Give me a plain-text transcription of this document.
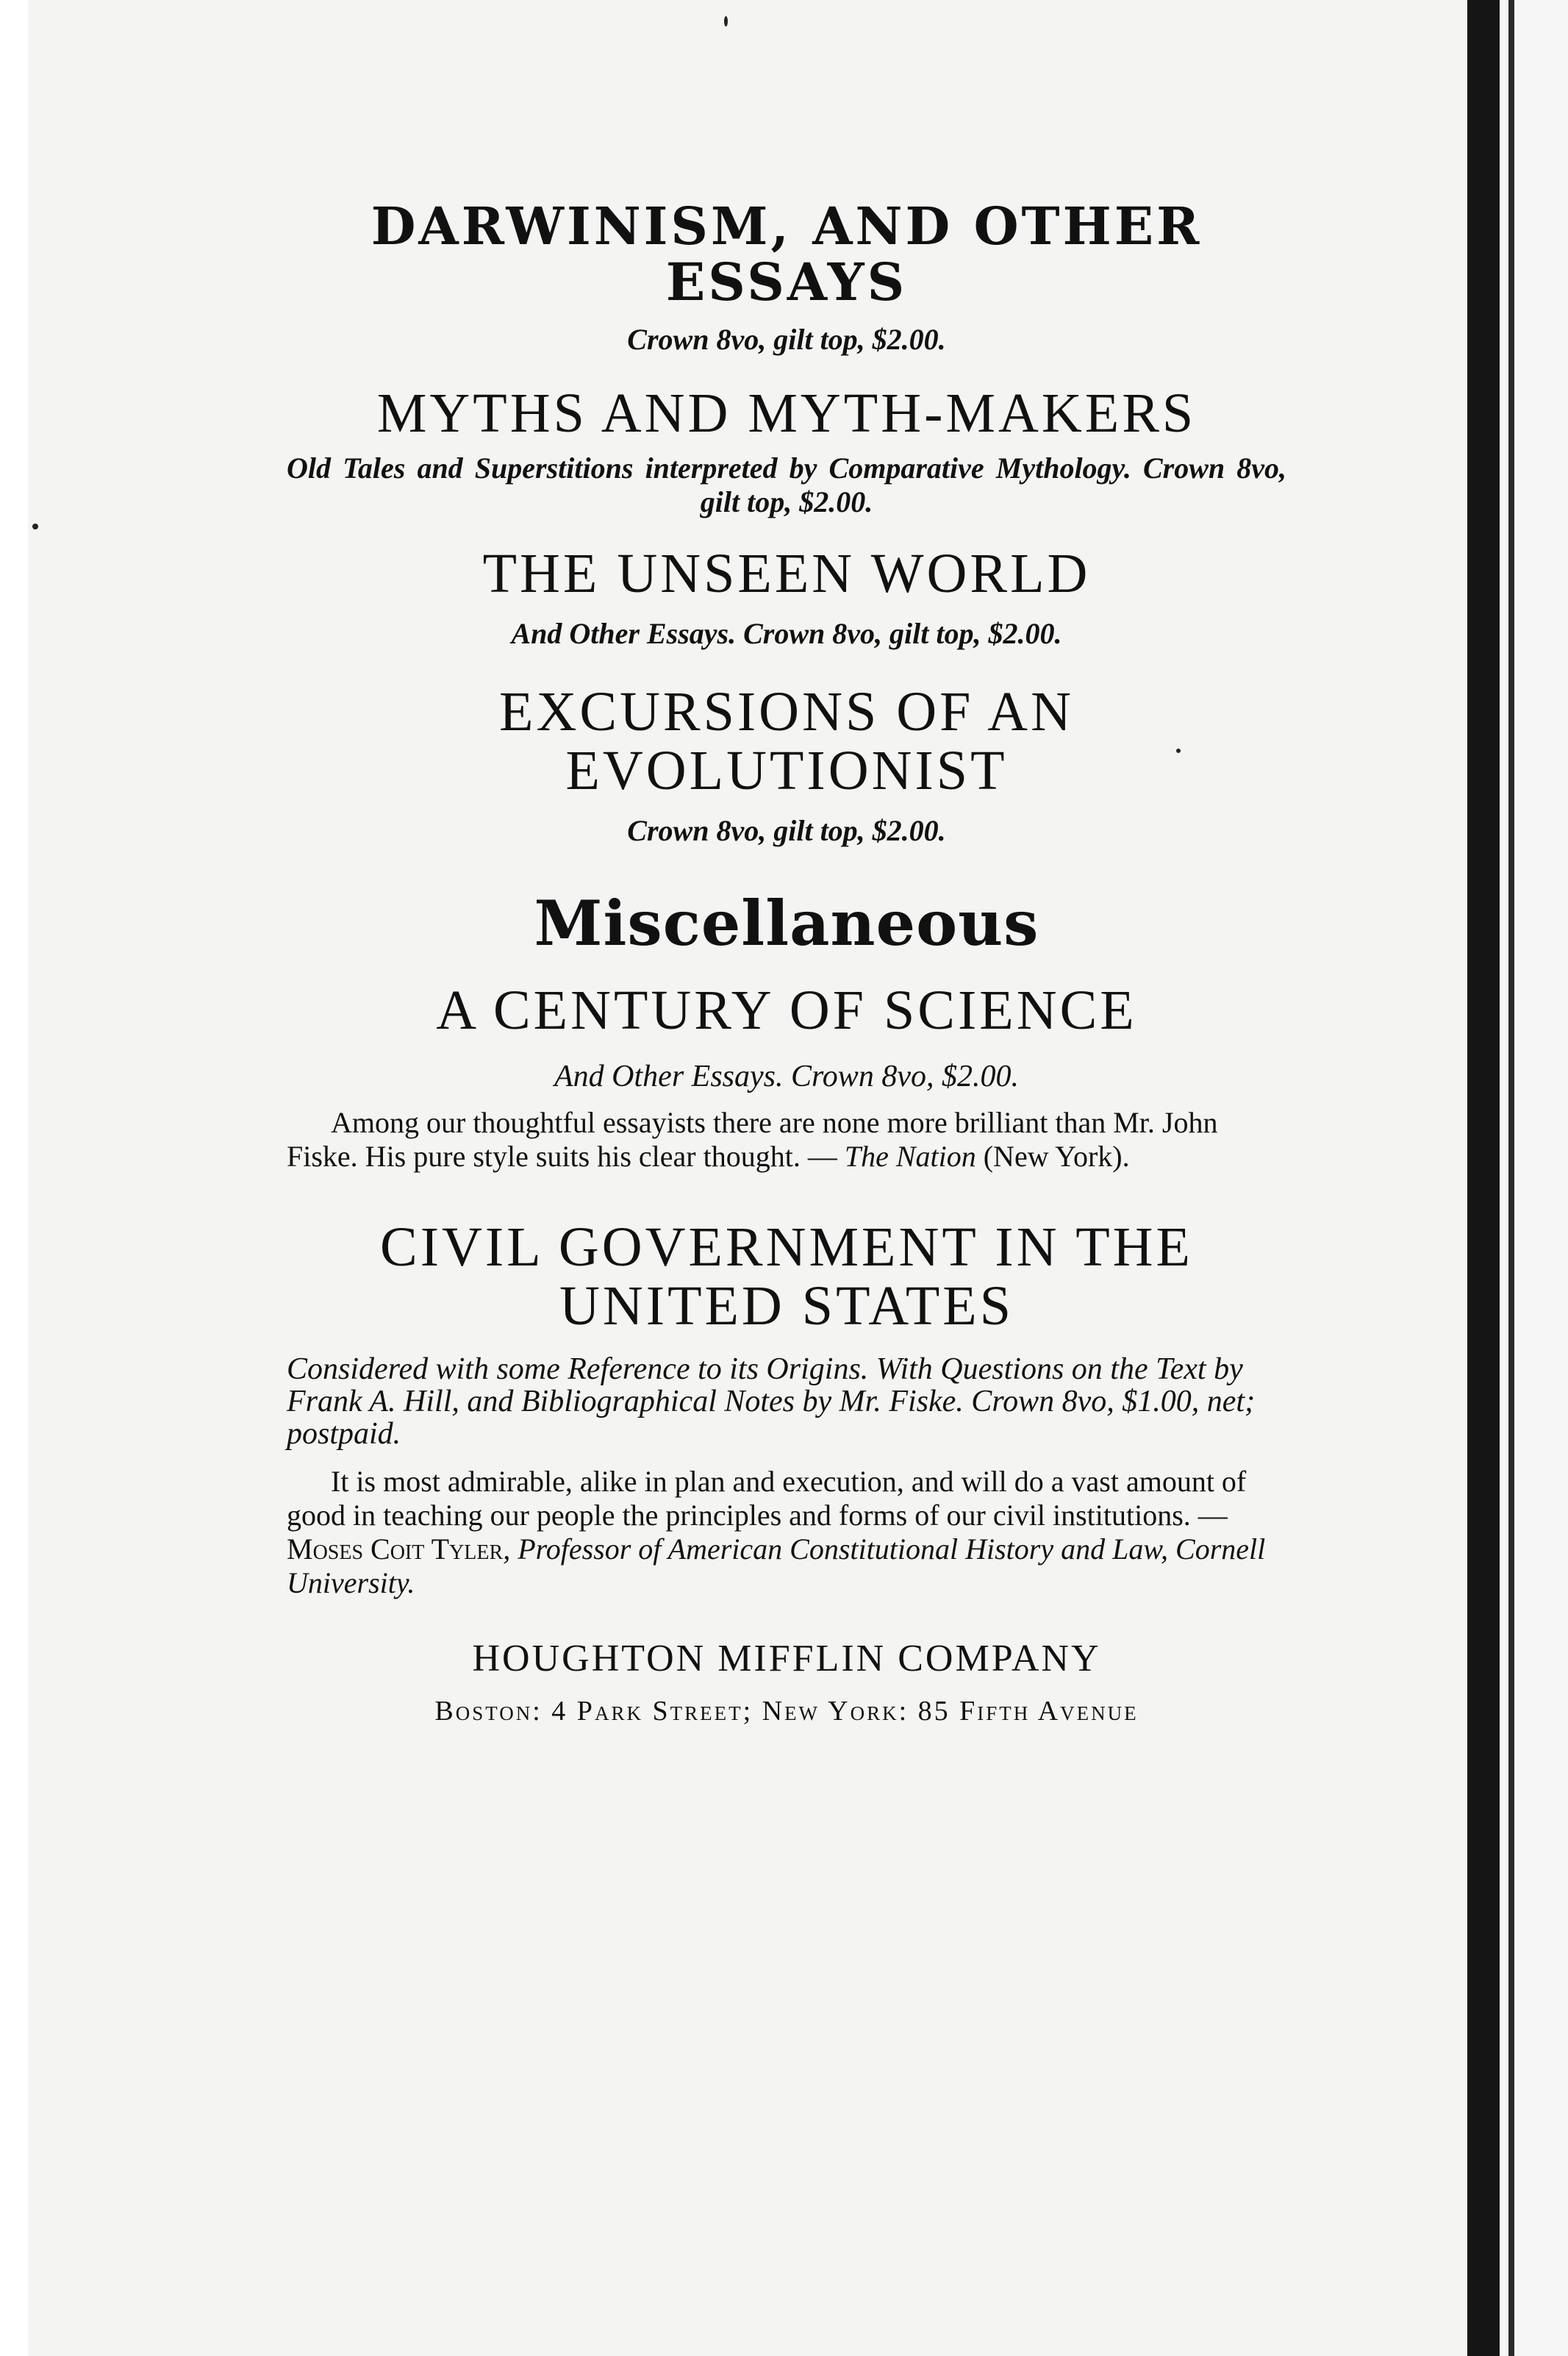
DARWINISM, AND OTHER
ESSAYS

Crown 8vo, gilt top, $2.00.

MYTHS AND MYTH-MAKERS

Old Tales and Superstitions interpreted by Comparative Mythology. Crown 8vo, gilt top, $2.00.

THE UNSEEN WORLD

And Other Essays. Crown 8vo, gilt top, $2.00.

EXCURSIONS OF AN
EVOLUTIONIST

Crown 8vo, gilt top, $2.00.

Miscellaneous

A CENTURY OF SCIENCE

And Other Essays. Crown 8vo, $2.00.

Among our thoughtful essayists there are none more brilliant than Mr. John Fiske. His pure style suits his clear thought. — The Nation (New York).

CIVIL GOVERNMENT IN THE
UNITED STATES

Considered with some Reference to its Origins. With Questions on the Text by Frank A. Hill, and Bibliographical Notes by Mr. Fiske. Crown 8vo, $1.00, net; postpaid.

It is most admirable, alike in plan and execution, and will do a vast amount of good in teaching our people the principles and forms of our civil institutions. — Moses Coit Tyler, Professor of American Constitutional History and Law, Cornell University.

HOUGHTON MIFFLIN COMPANY

Boston: 4 Park Street; New York: 85 Fifth Avenue
